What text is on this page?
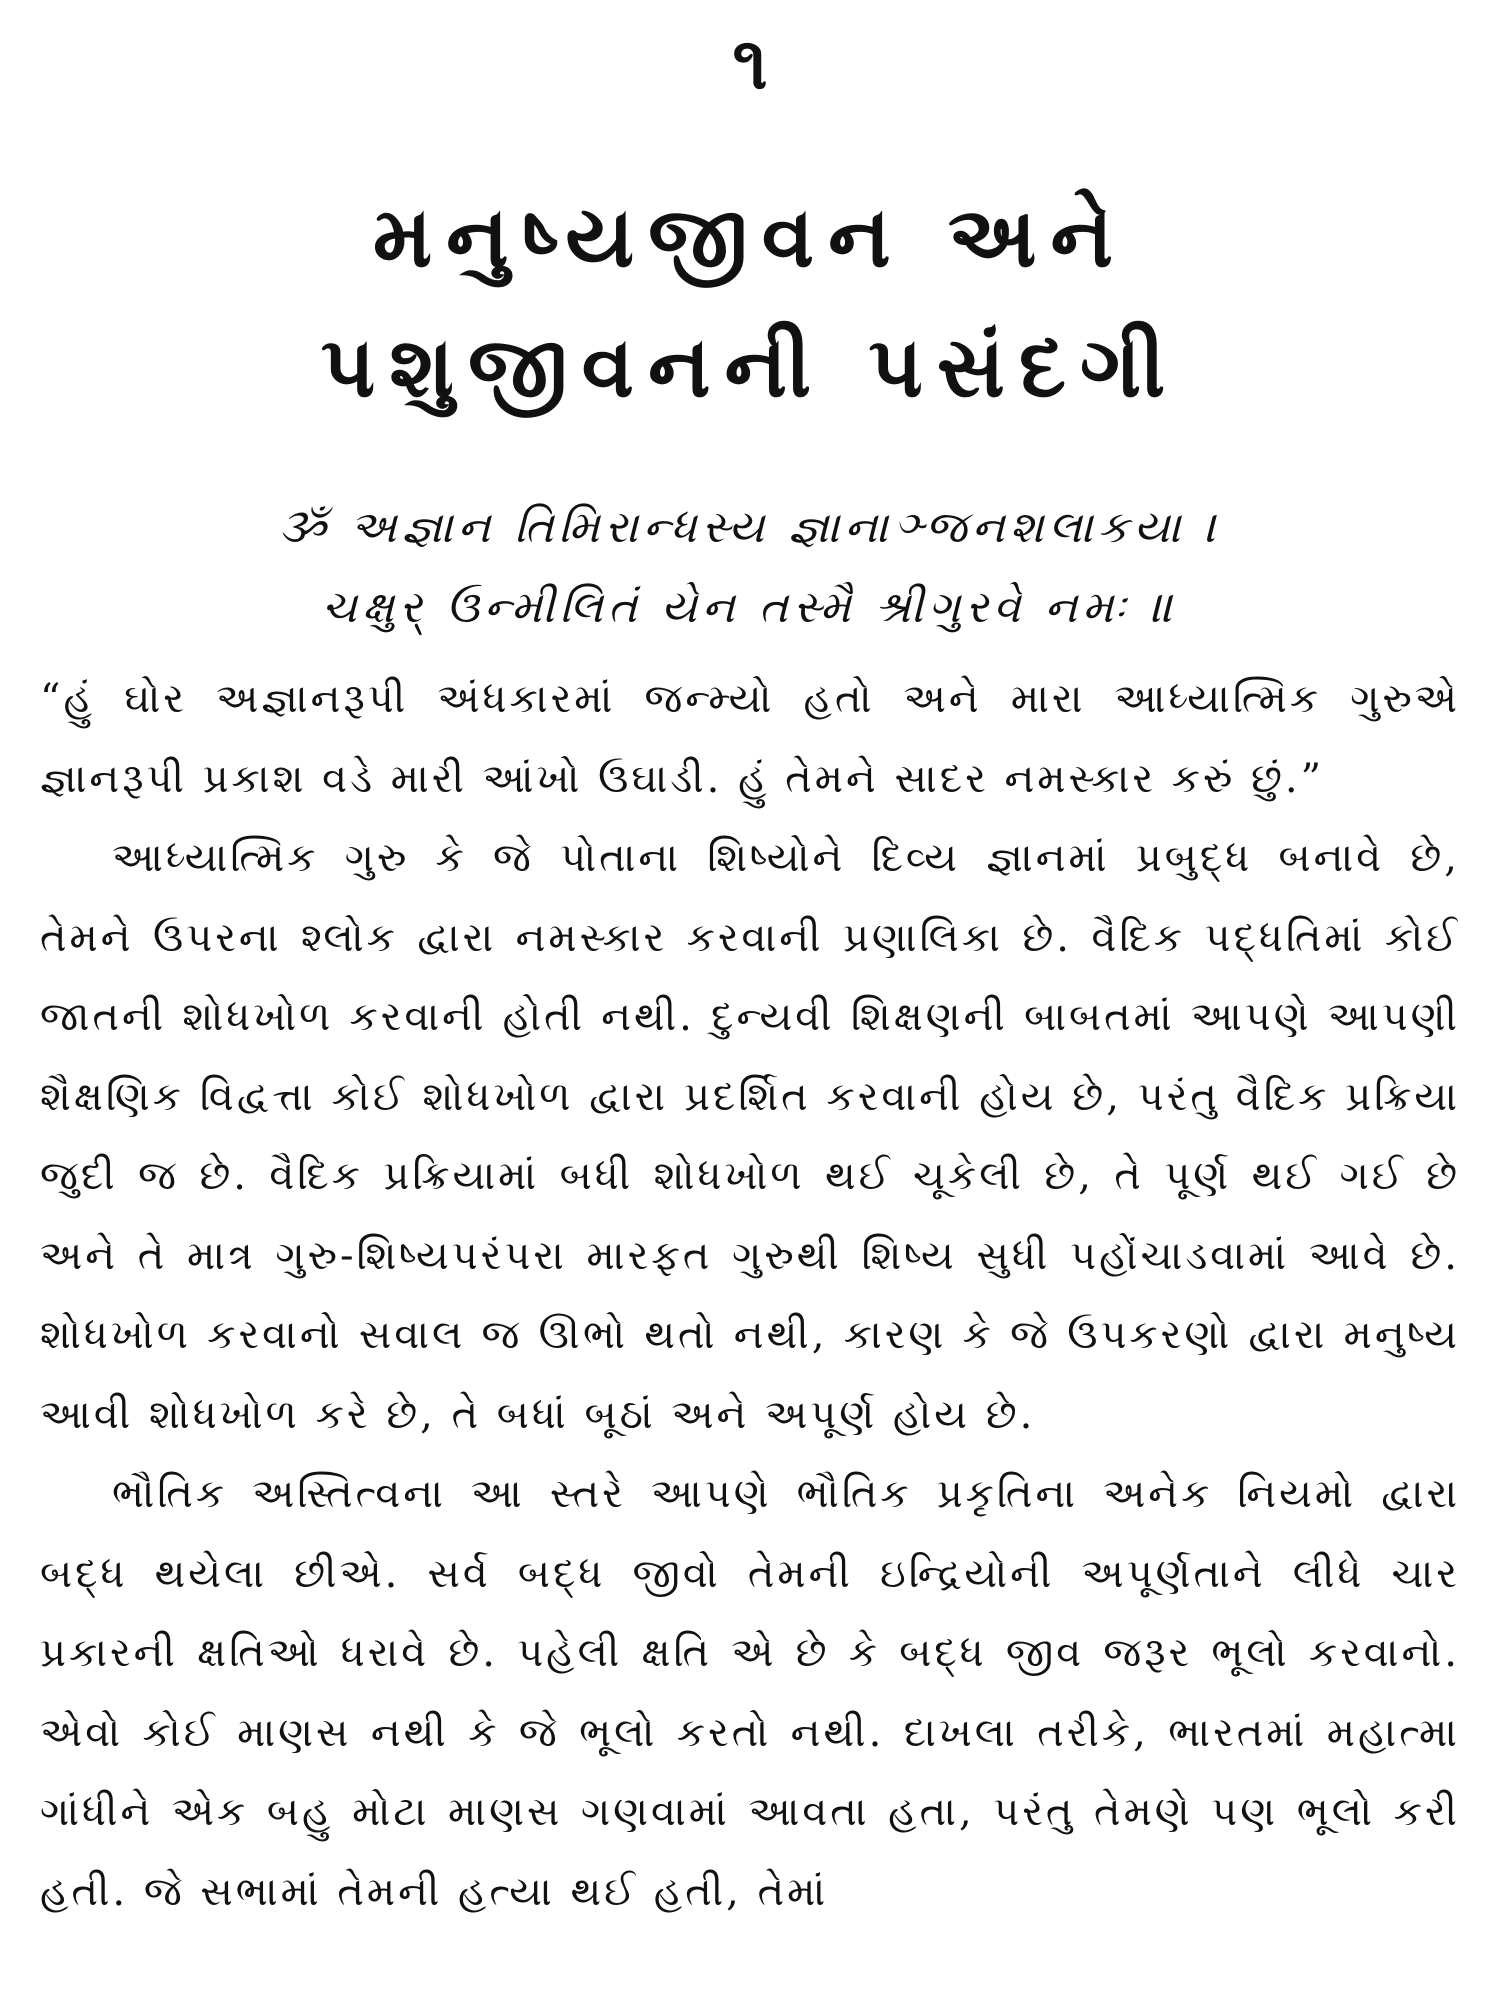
૧
મનુષ્યજીવન અને
પશુજીવનની પસંદગી
ૐ અજ્ઞાન તિમિરાન્ધસ્ય જ્ઞાનાઞ્જનશલાકયા ।
ચક્ષુર્ ઉન્મીલિતં યેન તસ્મૈ શ્રીગુરવે નમઃ ॥

“હું ઘોર અજ્ઞાનરૂપી અંધકારમાં જન્મ્યો હતો અને મારા આધ્યાત્મિક ગુરુએ જ્ઞાનરૂપી પ્રકાશ વડે મારી આંખો ઉઘાડી. હું તેમને સાદર નમસ્કાર કરું છું.”

આધ્યાત્મિક ગુરુ કે જે પોતાના શિષ્યોને દિવ્ય જ્ઞાનમાં પ્રબુદ્ધ બનાવે છે, તેમને ઉપરના શ્લોક દ્વારા નમસ્કાર કરવાની પ્રણાલિકા છે. વૈદિક પદ્ધતિમાં કોઈ જાતની શોધખોળ કરવાની હોતી નથી. દુન્યવી શિક્ષણની બાબતમાં આપણે આપણી શૈક્ષણિક વિદ્વત્તા કોઈ શોધખોળ દ્વારા પ્રદર્શિત કરવાની હોય છે, પરંતુ વૈદિક પ્રક્રિયા જુદી જ છે. વૈદિક પ્રક્રિયામાં બધી શોધખોળ થઈ ચૂકેલી છે, તે પૂર્ણ થઈ ગઈ છે અને તે માત્ર ગુરુ-શિષ્યપરંપરા મારફત ગુરુથી શિષ્ય સુધી પહોંચાડવામાં આવે છે. શોધખોળ કરવાનો સવાલ જ ઊભો થતો નથી, કારણ કે જે ઉપકરણો દ્વારા મનુષ્ય આવી શોધખોળ કરે છે, તે બધાં બૂઠાં અને અપૂર્ણ હોય છે.

ભૌતિક અસ્તિત્વના આ સ્તરે આપણે ભૌતિક પ્રકૃતિના અનેક નિયમો દ્વારા બદ્ધ થયેલા છીએ. સર્વ બદ્ધ જીવો તેમની ઇન્દ્રિયોની અપૂર્ણતાને લીધે ચાર પ્રકારની ક્ષતિઓ ધરાવે છે. પહેલી ક્ષતિ એ છે કે બદ્ધ જીવ જરૂર ભૂલો કરવાનો. એવો કોઈ માણસ નથી કે જે ભૂલો કરતો નથી. દાખલા તરીકે, ભારતમાં મહાત્મા ગાંધીને એક બહુ મોટા માણસ ગણવામાં આવતા હતા, પરંતુ તેમણે પણ ભૂલો કરી હતી. જે સભામાં તેમની હત્યા થઈ હતી, તેમાં
